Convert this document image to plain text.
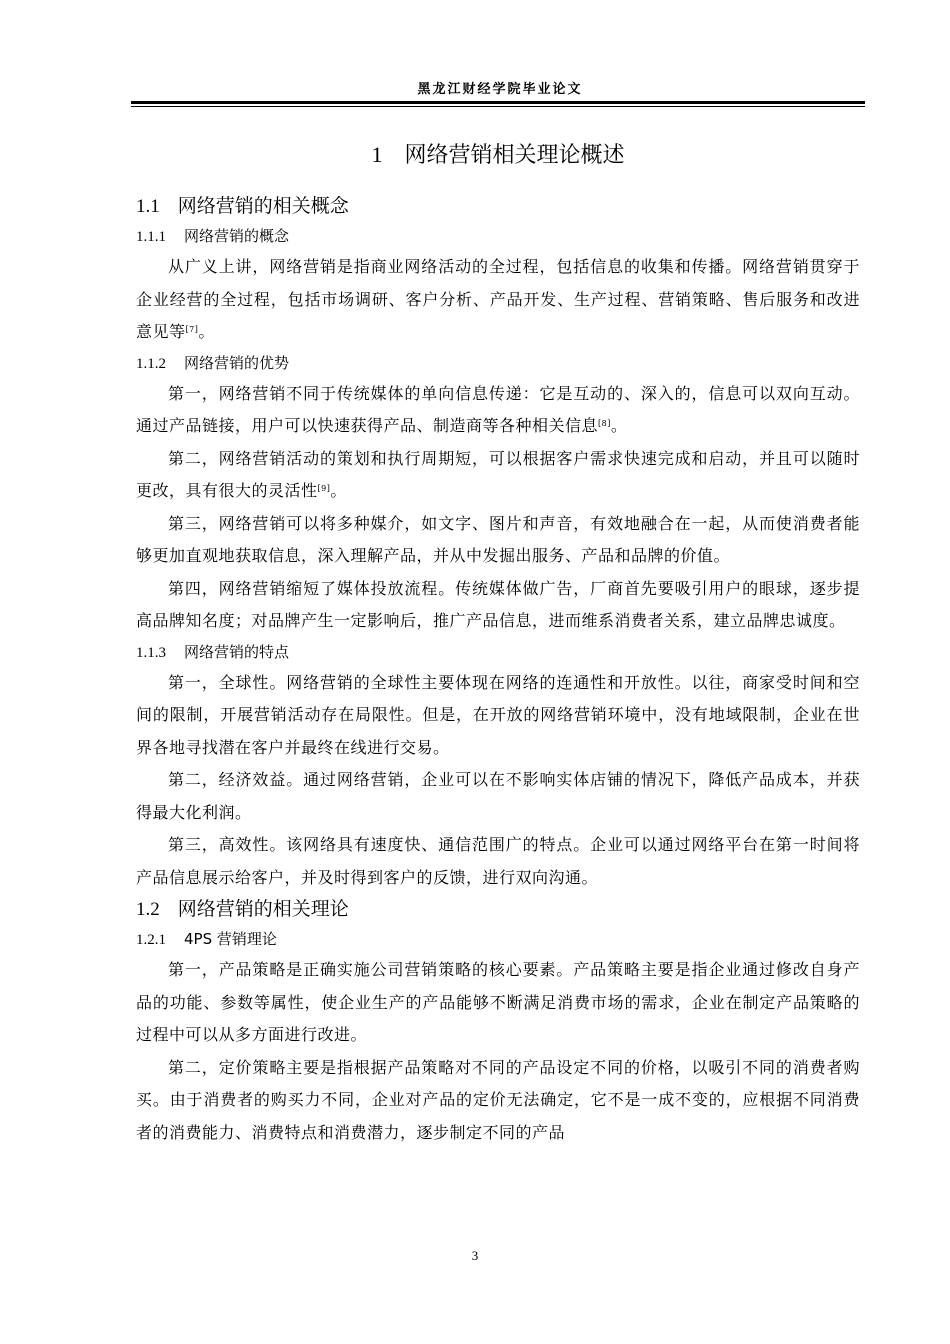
黑龙江财经学院毕业论文
1 网络营销相关理论概述
1.1 网络营销的相关概念
1.1.1 网络营销的概念

从广义上讲，网络营销是指商业网络活动的全过程，包括信息的收集和传播。网络营销贯穿于企业经营的全过程，包括市场调研、客户分析、产品开发、生产过程、营销策略、售后服务和改进意见等[7]。

1.1.2 网络营销的优势

第一，网络营销不同于传统媒体的单向信息传递：它是互动的、深入的，信息可以双向互动。通过产品链接，用户可以快速获得产品、制造商等各种相关信息[8]。

第二，网络营销活动的策划和执行周期短，可以根据客户需求快速完成和启动，并且可以随时更改，具有很大的灵活性[9]。

第三，网络营销可以将多种媒介，如文字、图片和声音，有效地融合在一起，从而使消费者能够更加直观地获取信息，深入理解产品，并从中发掘出服务、产品和品牌的价值。

第四，网络营销缩短了媒体投放流程。传统媒体做广告，厂商首先要吸引用户的眼球，逐步提高品牌知名度；对品牌产生一定影响后，推广产品信息，进而维系消费者关系，建立品牌忠诚度。

1.1.3 网络营销的特点

第一，全球性。网络营销的全球性主要体现在网络的连通性和开放性。以往，商家受时间和空间的限制，开展营销活动存在局限性。但是，在开放的网络营销环境中，没有地域限制，企业在世界各地寻找潜在客户并最终在线进行交易。

第二，经济效益。通过网络营销，企业可以在不影响实体店铺的情况下，降低产品成本，并获得最大化利润。

第三，高效性。该网络具有速度快、通信范围广的特点。企业可以通过网络平台在第一时间将产品信息展示给客户，并及时得到客户的反馈，进行双向沟通。

1.2 网络营销的相关理论
1.2.1 4PS 营销理论

第一，产品策略是正确实施公司营销策略的核心要素。产品策略主要是指企业通过修改自身产品的功能、参数等属性，使企业生产的产品能够不断满足消费市场的需求，企业在制定产品策略的过程中可以从多方面进行改进。

第二，定价策略主要是指根据产品策略对不同的产品设定不同的价格，以吸引不同的消费者购买。由于消费者的购买力不同，企业对产品的定价无法确定，它不是一成不变的，应根据不同消费者的消费能力、消费特点和消费潜力，逐步制定不同的产品

3
